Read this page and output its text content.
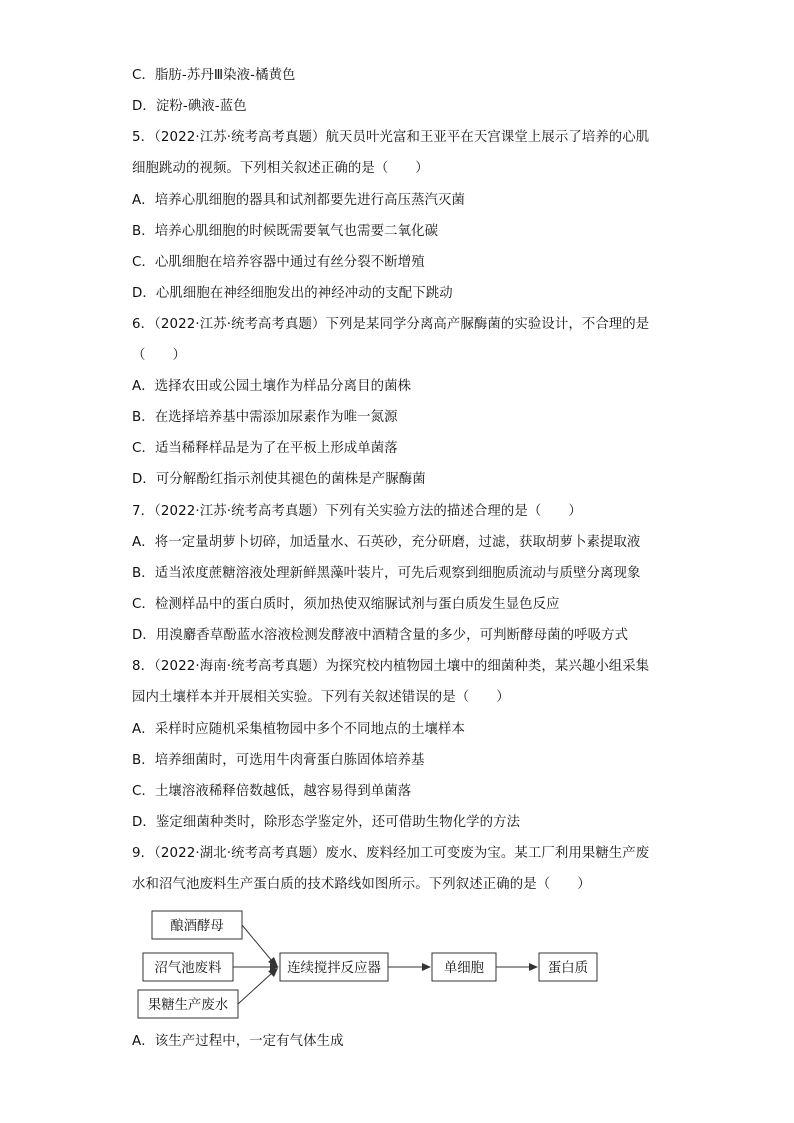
C．脂肪-苏丹Ⅲ染液-橘黄色
D．淀粉-碘液-蓝色
5．（2022·江苏·统考高考真题）航天员叶光富和王亚平在天宫课堂上展示了培养的心肌
细胞跳动的视频。下列相关叙述正确的是（　　）
A．培养心肌细胞的器具和试剂都要先进行高压蒸汽灭菌
B．培养心肌细胞的时候既需要氧气也需要二氧化碳
C．心肌细胞在培养容器中通过有丝分裂不断增殖
D．心肌细胞在神经细胞发出的神经冲动的支配下跳动
6．（2022·江苏·统考高考真题）下列是某同学分离高产脲酶菌的实验设计，不合理的是
（　　）
A．选择农田或公园土壤作为样品分离目的菌株
B．在选择培养基中需添加尿素作为唯一氮源
C．适当稀释样品是为了在平板上形成单菌落
D．可分解酚红指示剂使其褪色的菌株是产脲酶菌
7．（2022·江苏·统考高考真题）下列有关实验方法的描述合理的是（　　）
A．将一定量胡萝卜切碎，加适量水、石英砂，充分研磨，过滤，获取胡萝卜素提取液
B．适当浓度蔗糖溶液处理新鲜黑藻叶装片，可先后观察到细胞质流动与质壁分离现象
C．检测样品中的蛋白质时，须加热使双缩脲试剂与蛋白质发生显色反应
D．用溴麝香草酚蓝水溶液检测发酵液中酒精含量的多少，可判断酵母菌的呼吸方式
8．（2022·海南·统考高考真题）为探究校内植物园土壤中的细菌种类，某兴趣小组采集
园内土壤样本并开展相关实验。下列有关叙述错误的是（　　）
A．采样时应随机采集植物园中多个不同地点的土壤样本
B．培养细菌时，可选用牛肉膏蛋白胨固体培养基
C．土壤溶液稀释倍数越低，越容易得到单菌落
D．鉴定细菌种类时，除形态学鉴定外，还可借助生物化学的方法
9．（2022·湖北·统考高考真题）废水、废料经加工可变废为宝。某工厂利用果糖生产废
水和沼气池废料生产蛋白质的技术路线如图所示。下列叙述正确的是（　　）
酿酒酵母
沼气池废料
果糖生产废水
连续搅拌反应器	单细胞	蛋白质
A．该生产过程中，一定有气体生成
